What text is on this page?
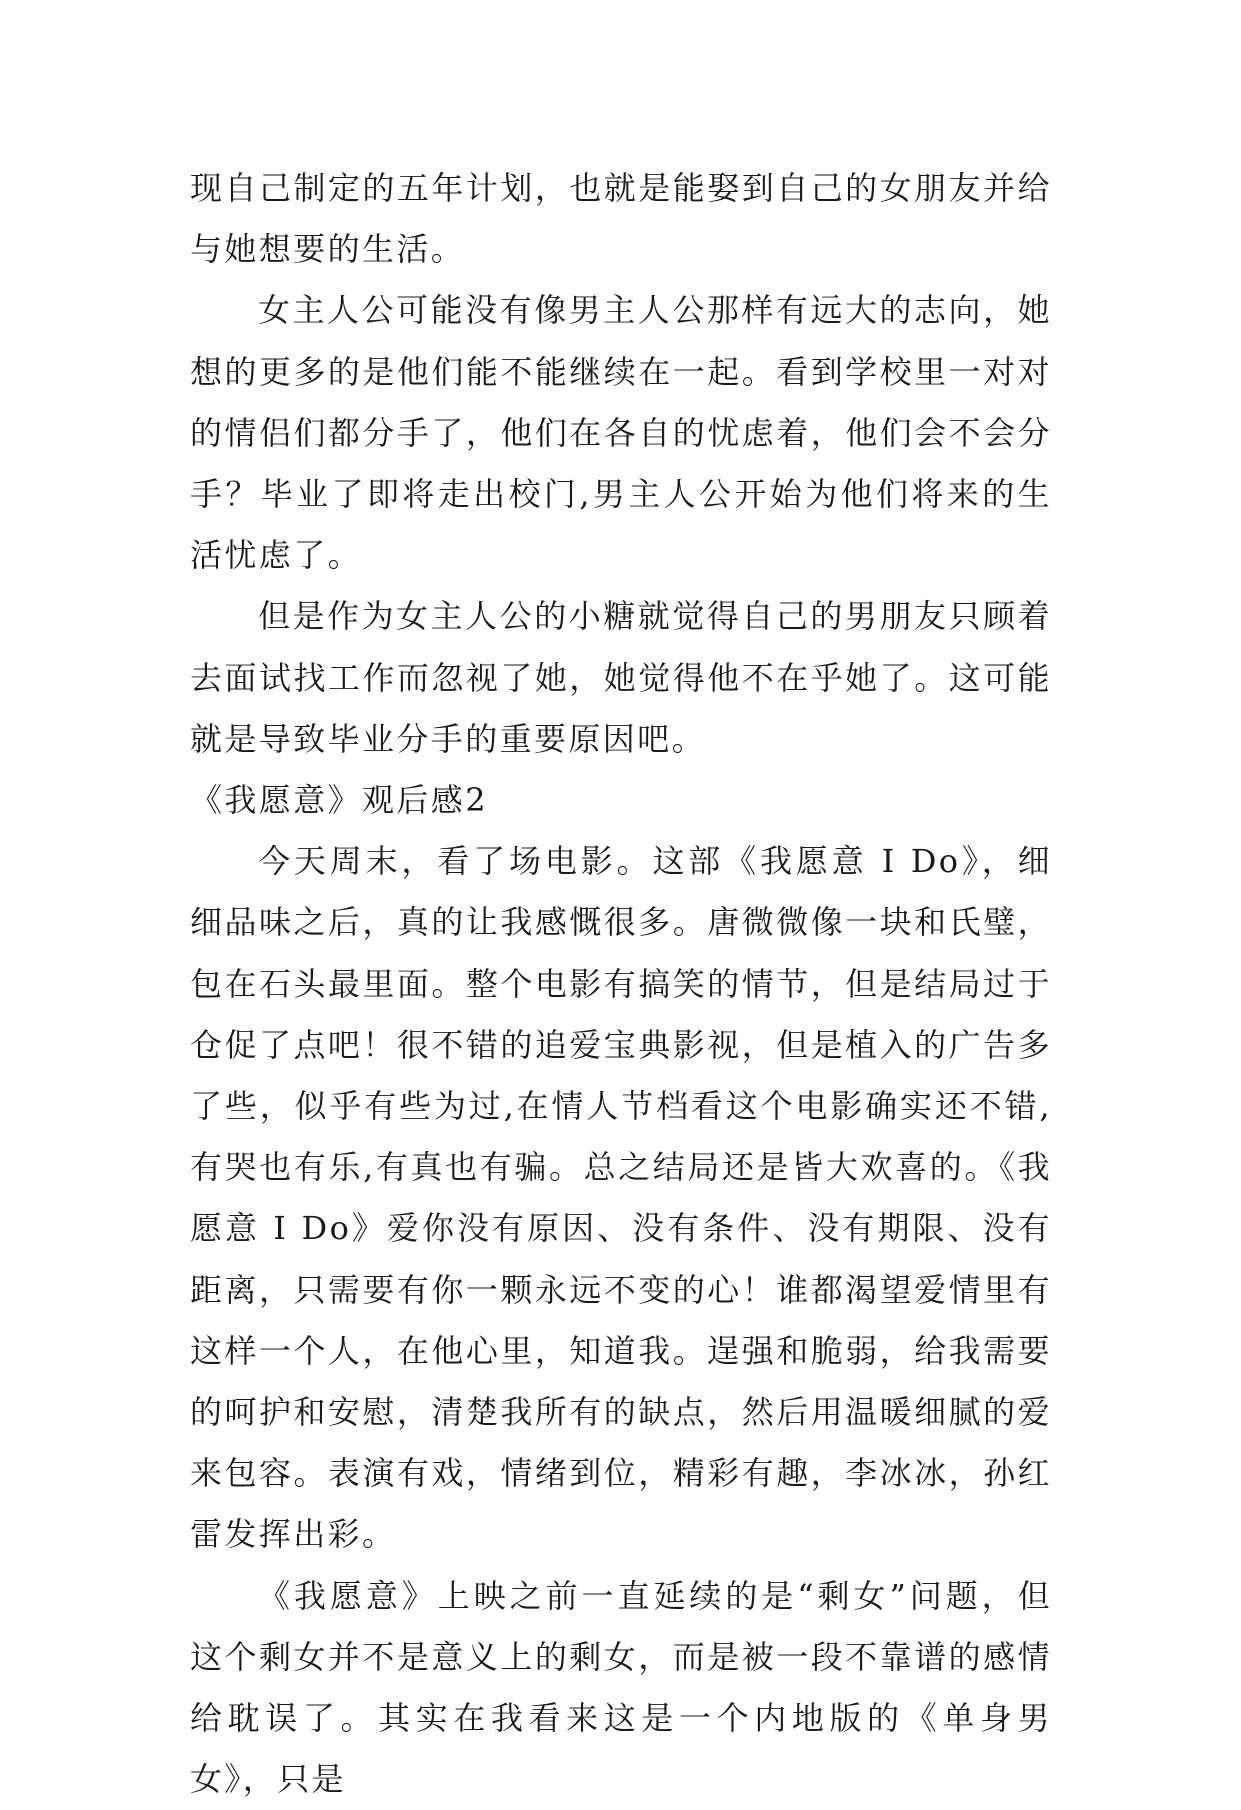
现自己制定的五年计划，也就是能娶到自己的女朋友并给与她想要的生活。

女主人公可能没有像男主人公那样有远大的志向，她想的更多的是他们能不能继续在一起。看到学校里一对对的情侣们都分手了，他们在各自的忧虑着，他们会不会分手？毕业了即将走出校门,男主人公开始为他们将来的生活忧虑了。

但是作为女主人公的小糖就觉得自己的男朋友只顾着去面试找工作而忽视了她，她觉得他不在乎她了。这可能就是导致毕业分手的重要原因吧。

《我愿意》观后感2

今天周末，看了场电影。这部《我愿意 I Do》，细细品味之后，真的让我感慨很多。唐微微像一块和氏璧，包在石头最里面。整个电影有搞笑的情节，但是结局过于仓促了点吧！很不错的追爱宝典影视，但是植入的广告多了些，似乎有些为过,在情人节档看这个电影确实还不错,有哭也有乐,有真也有骗。总之结局还是皆大欢喜的。《我愿意 I Do》爱你没有原因、没有条件、没有期限、没有距离，只需要有你一颗永远不变的心！谁都渴望爱情里有这样一个人，在他心里，知道我。逞强和脆弱，给我需要的呵护和安慰，清楚我所有的缺点，然后用温暖细腻的爱来包容。表演有戏，情绪到位，精彩有趣，李冰冰，孙红雷发挥出彩。

《我愿意》上映之前一直延续的是“剩女”问题，但这个剩女并不是意义上的剩女，而是被一段不靠谱的感情给耽误了。其实在我看来这是一个内地版的《单身男女》，只是
